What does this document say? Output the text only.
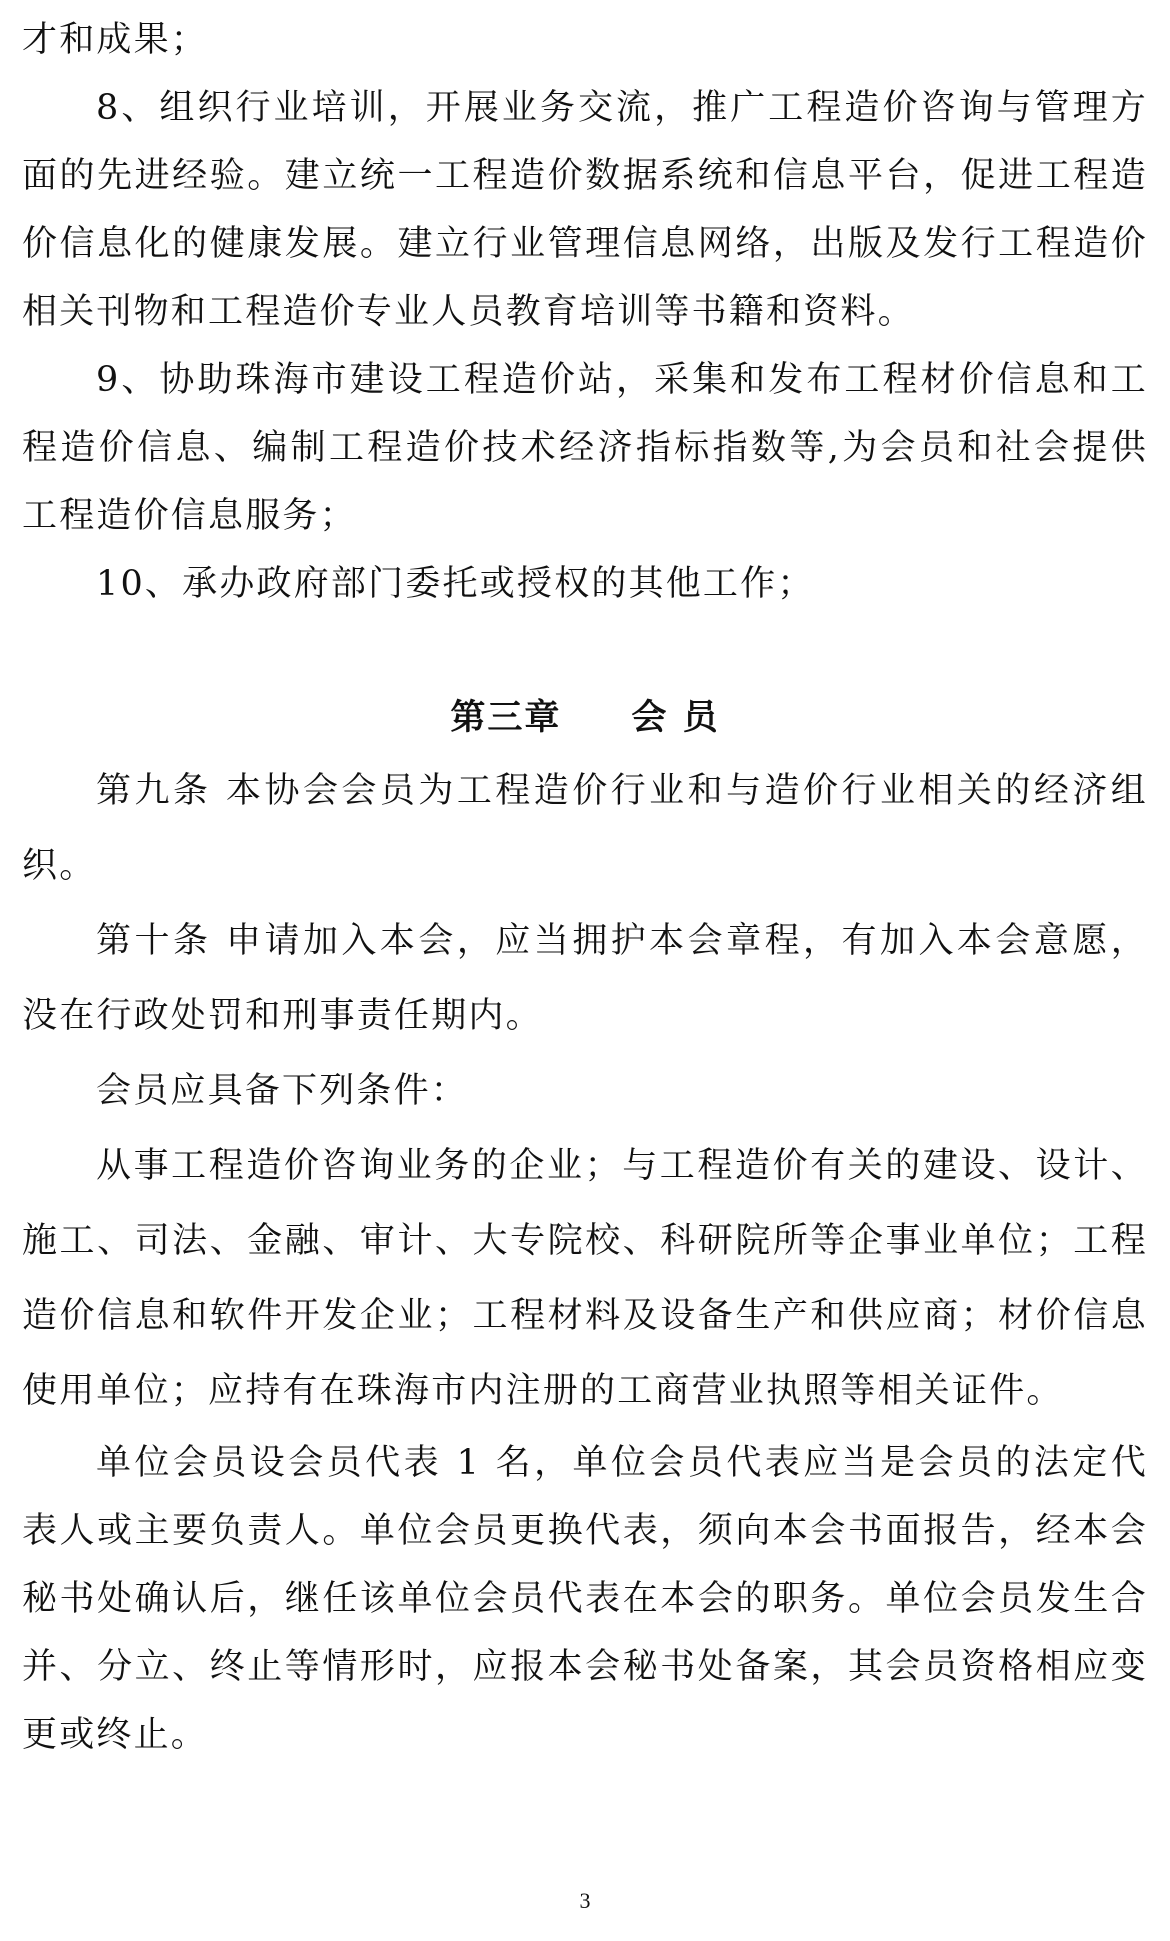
才和成果；

8、组织行业培训，开展业务交流，推广工程造价咨询与管理方面的先进经验。建立统一工程造价数据系统和信息平台，促进工程造价信息化的健康发展。建立行业管理信息网络，出版及发行工程造价相关刊物和工程造价专业人员教育培训等书籍和资料。

9、协助珠海市建设工程造价站，采集和发布工程材价信息和工程造价信息、编制工程造价技术经济指标指数等,为会员和社会提供工程造价信息服务；

10、承办政府部门委托或授权的其他工作；

第三章 会 员

第九条 本协会会员为工程造价行业和与造价行业相关的经济组织。

第十条 申请加入本会，应当拥护本会章程，有加入本会意愿，没在行政处罚和刑事责任期内。

会员应具备下列条件：

从事工程造价咨询业务的企业；与工程造价有关的建设、设计、施工、司法、金融、审计、大专院校、科研院所等企事业单位；工程造价信息和软件开发企业；工程材料及设备生产和供应商；材价信息使用单位；应持有在珠海市内注册的工商营业执照等相关证件。

单位会员设会员代表 1 名，单位会员代表应当是会员的法定代表人或主要负责人。单位会员更换代表，须向本会书面报告，经本会秘书处确认后，继任该单位会员代表在本会的职务。单位会员发生合并、分立、终止等情形时，应报本会秘书处备案，其会员资格相应变更或终止。

3
